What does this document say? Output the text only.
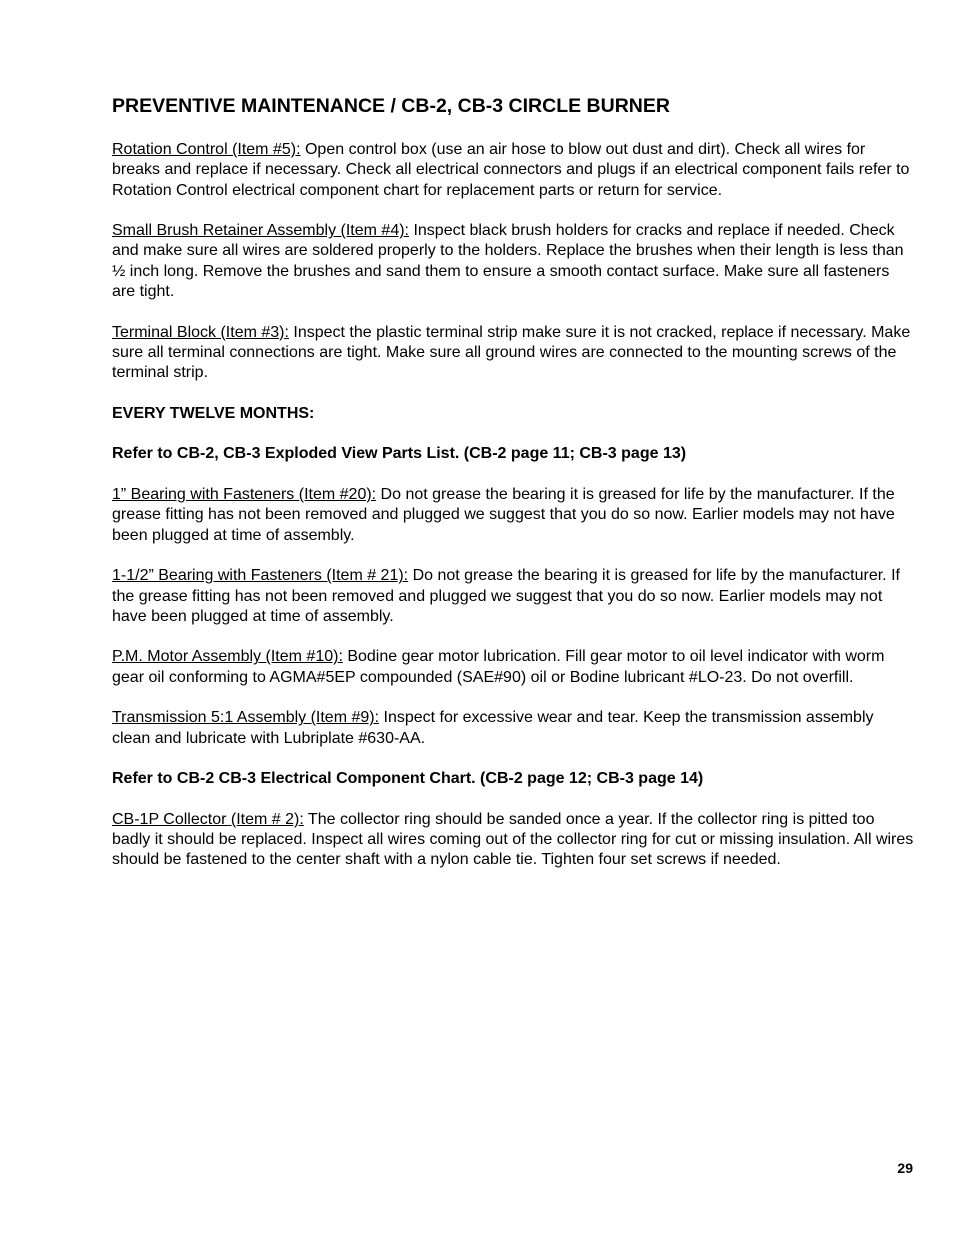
PREVENTIVE MAINTENANCE / CB-2, CB-3 CIRCLE BURNER

Rotation Control (Item #5): Open control box (use an air hose to blow out dust and dirt). Check all wires for breaks and replace if necessary. Check all electrical connectors and plugs if an electrical component fails refer to Rotation Control electrical component chart for replacement parts or return for service.

Small Brush Retainer Assembly (Item #4): Inspect black brush holders for cracks and replace if needed. Check and make sure all wires are soldered properly to the holders. Replace the brushes when their length is less than ½ inch long. Remove the brushes and sand them to ensure a smooth contact surface. Make sure all fasteners are tight.

Terminal Block (Item #3): Inspect the plastic terminal strip make sure it is not cracked, replace if necessary. Make sure all terminal connections are tight. Make sure all ground wires are connected to the mounting screws of the terminal strip.

EVERY TWELVE MONTHS:

Refer to CB-2, CB-3 Exploded View Parts List. (CB-2 page 11; CB-3 page 13)

1” Bearing with Fasteners (Item #20): Do not grease the bearing it is greased for life by the manufacturer. If the grease fitting has not been removed and plugged we suggest that you do so now. Earlier models may not have been plugged at time of assembly.

1-1/2” Bearing with Fasteners (Item # 21): Do not grease the bearing it is greased for life by the manufacturer. If the grease fitting has not been removed and plugged we suggest that you do so now. Earlier models may not have been plugged at time of assembly.

P.M. Motor Assembly (Item #10): Bodine gear motor lubrication. Fill gear motor to oil level indicator with worm gear oil conforming to AGMA#5EP compounded (SAE#90) oil or Bodine lubricant #LO-23. Do not overfill.

Transmission 5:1 Assembly (Item #9): Inspect for excessive wear and tear. Keep the transmission assembly clean and lubricate with Lubriplate #630-AA.

Refer to CB-2 CB-3 Electrical Component Chart. (CB-2 page 12; CB-3 page 14)

CB-1P Collector (Item # 2): The collector ring should be sanded once a year. If the collector ring is pitted too badly it should be replaced. Inspect all wires coming out of the collector ring for cut or missing insulation. All wires should be fastened to the center shaft with a nylon cable tie. Tighten four set screws if needed.

29
